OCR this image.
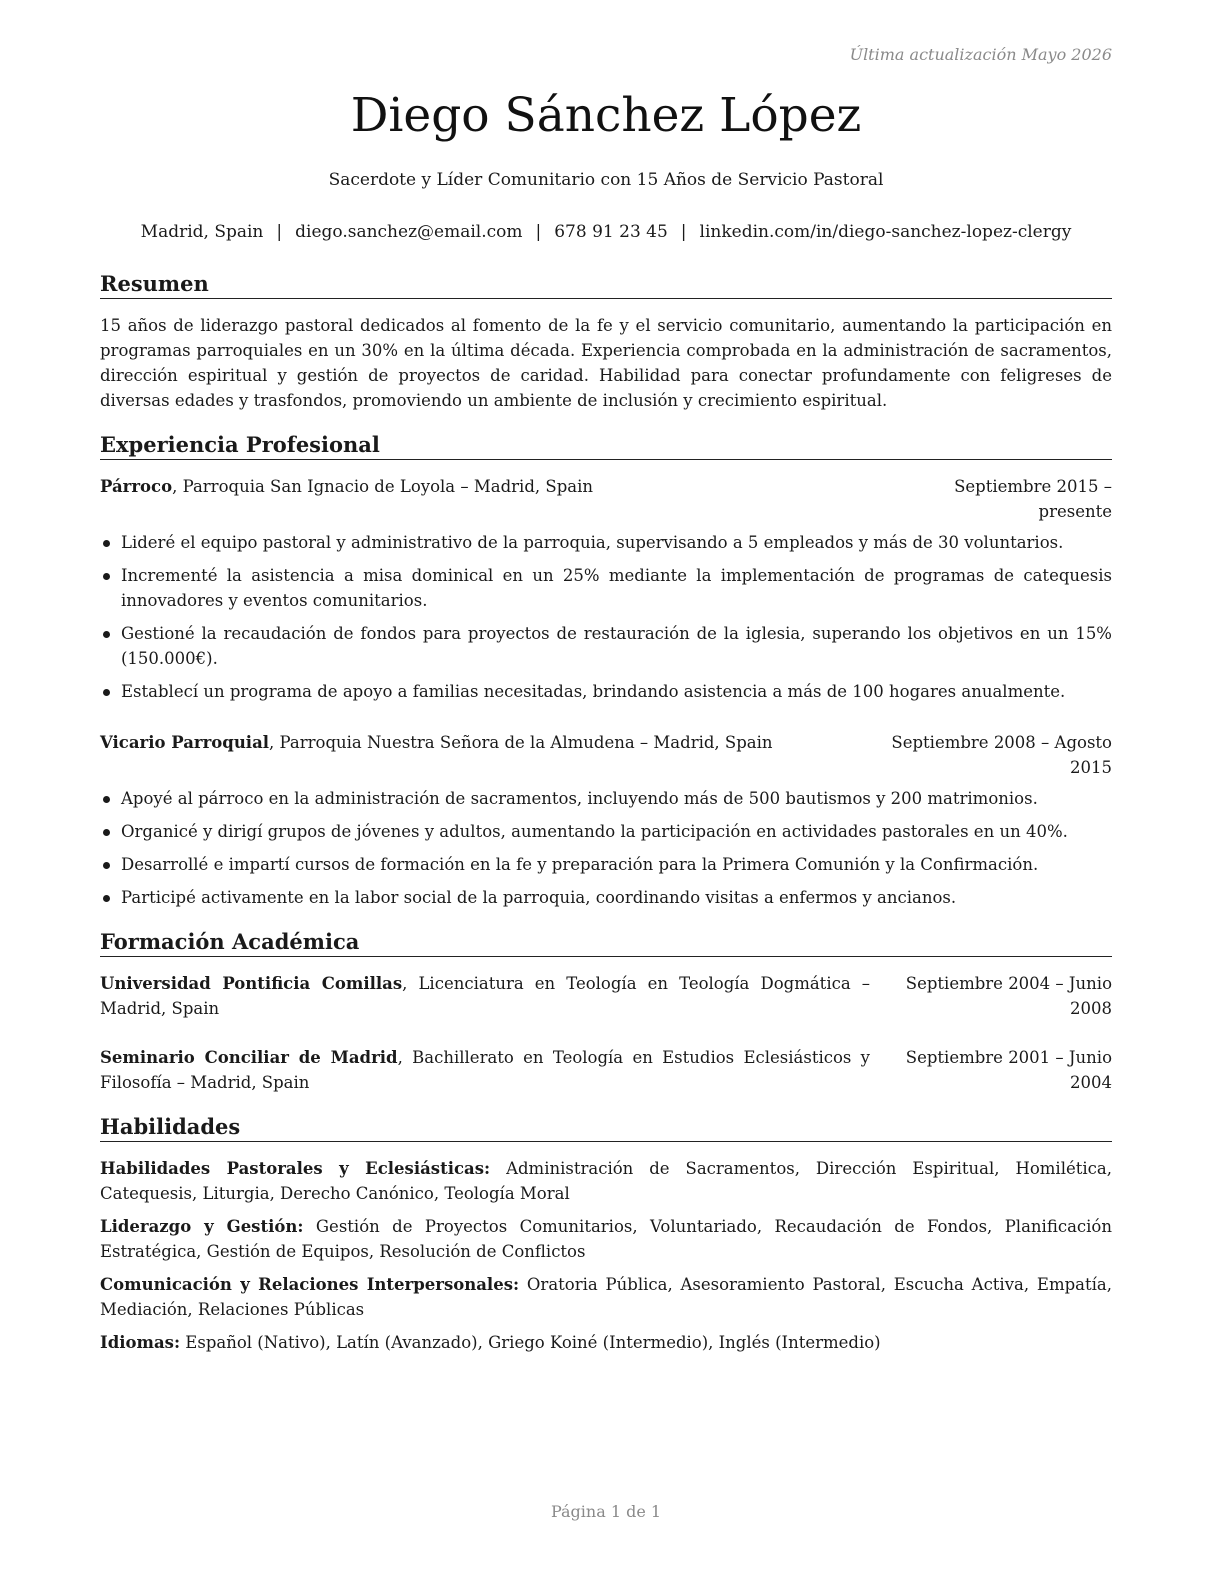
Última actualización Mayo 2026
Diego Sánchez López
Sacerdote y Líder Comunitario con 15 Años de Servicio Pastoral
Madrid, Spain | diego.sanchez@email.com | 678 91 23 45 | linkedin.com/in/diego-sanchez-lopez-clergy
Resumen

15 años de liderazgo pastoral dedicados al fomento de la fe y el servicio comunitario, aumentando la participación en programas parroquiales en un 30% en la última década. Experiencia comprobada en la administración de sacramentos, dirección espiritual y gestión de proyectos de caridad. Habilidad para conectar profundamente con feligreses de diversas edades y trasfondos, promoviendo un ambiente de inclusión y crecimiento espiritual.

Experiencia Profesional
Párroco, Parroquia San Ignacio de Loyola – Madrid, Spain	Septiembre 2015 – presente
Lideré el equipo pastoral y administrativo de la parroquia, supervisando a 5 empleados y más de 30 voluntarios.
Incrementé la asistencia a misa dominical en un 25% mediante la implementación de programas de catequesis innovadores y eventos comunitarios.
Gestioné la recaudación de fondos para proyectos de restauración de la iglesia, superando los objetivos en un 15% (150.000€).
Establecí un programa de apoyo a familias necesitadas, brindando asistencia a más de 100 hogares anualmente.
Vicario Parroquial, Parroquia Nuestra Señora de la Almudena – Madrid, Spain	Septiembre 2008 – Agosto 2015
Apoyé al párroco en la administración de sacramentos, incluyendo más de 500 bautismos y 200 matrimonios.
Organicé y dirigí grupos de jóvenes y adultos, aumentando la participación en actividades pastorales en un 40%.
Desarrollé e impartí cursos de formación en la fe y preparación para la Primera Comunión y la Confirmación.
Participé activamente en la labor social de la parroquia, coordinando visitas a enfermos y ancianos.
Formación Académica
Universidad Pontificia Comillas, Licenciatura en Teología en Teología Dogmática – Madrid, Spain
Septiembre 2004 – Junio 2008
Seminario Conciliar de Madrid, Bachillerato en Teología en Estudios Eclesiásticos y Filosofía – Madrid, Spain
Septiembre 2001 – Junio 2004
Habilidades
Habilidades Pastorales y Eclesiásticas: Administración de Sacramentos, Dirección Espiritual, Homilética, Catequesis, Liturgia, Derecho Canónico, Teología Moral
Liderazgo y Gestión: Gestión de Proyectos Comunitarios, Voluntariado, Recaudación de Fondos, Planificación Estratégica, Gestión de Equipos, Resolución de Conflictos
Comunicación y Relaciones Interpersonales: Oratoria Pública, Asesoramiento Pastoral, Escucha Activa, Empatía, Mediación, Relaciones Públicas
Idiomas: Español (Nativo), Latín (Avanzado), Griego Koiné (Intermedio), Inglés (Intermedio)
Página 1 de 1
